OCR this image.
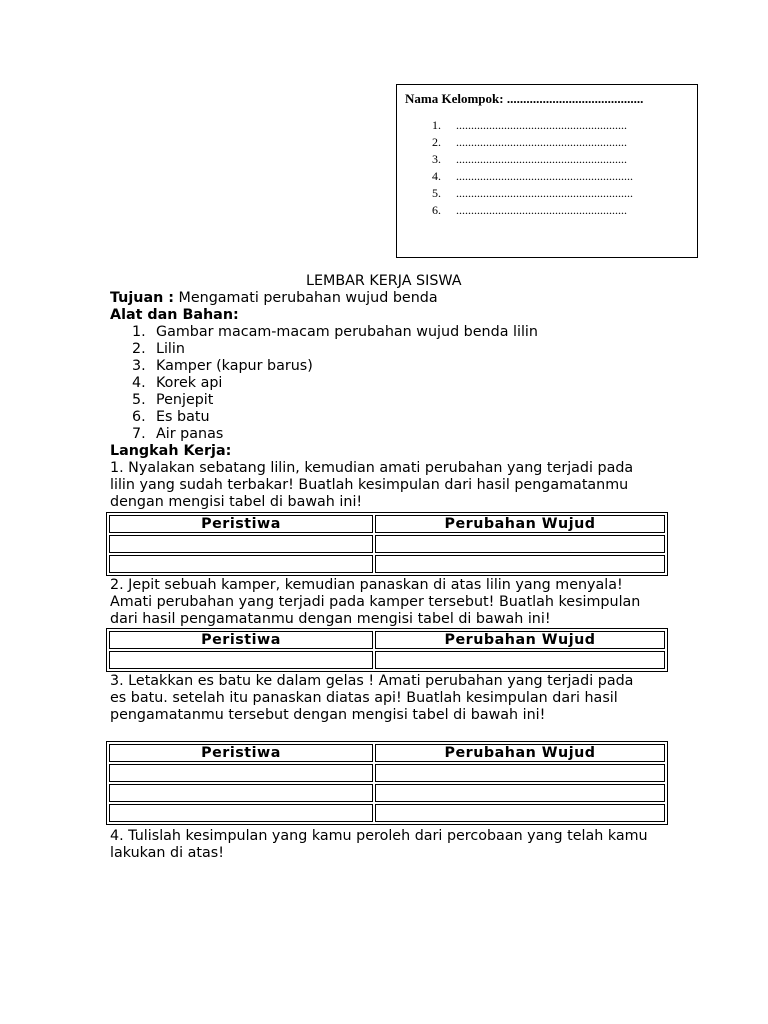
Nama Kelompok: ..........................................
1. .........................................................
2. .........................................................
3. .........................................................
4. ...........................................................
5. ...........................................................
6. .........................................................
LEMBAR KERJA SISWA
Tujuan : Mengamati perubahan wujud benda
Alat dan Bahan:
1. Gambar macam-macam perubahan wujud benda lilin
2. Lilin
3. Kamper (kapur barus)
4. Korek api
5. Penjepit
6. Es batu
7. Air panas
Langkah Kerja:
1. Nyalakan sebatang lilin, kemudian amati perubahan yang terjadi pada
lilin yang sudah terbakar! Buatlah kesimpulan dari hasil pengamatanmu
dengan mengisi tabel di bawah ini!
Peristiwa	Perubahan Wujud

2. Jepit sebuah kamper, kemudian panaskan di atas lilin yang menyala!
Amati perubahan yang terjadi pada kamper tersebut! Buatlah kesimpulan
dari hasil pengamatanmu dengan mengisi tabel di bawah ini!
Peristiwa	Perubahan Wujud

3. Letakkan es batu ke dalam gelas ! Amati perubahan yang terjadi pada
es batu. setelah itu panaskan diatas api! Buatlah kesimpulan dari hasil
pengamatanmu tersebut dengan mengisi tabel di bawah ini!
Peristiwa	Perubahan Wujud

4. Tulislah kesimpulan yang kamu peroleh dari percobaan yang telah kamu
lakukan di atas!
